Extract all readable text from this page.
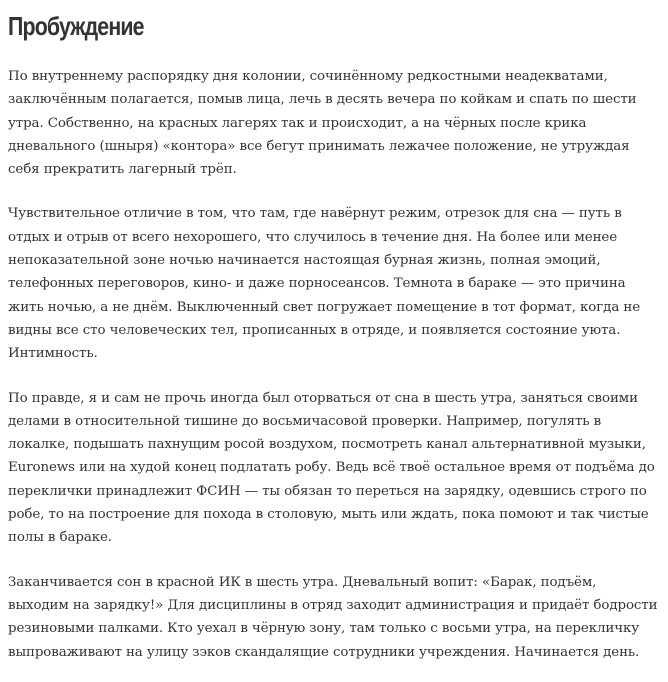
Пробуждение

По внутреннему распорядку дня колонии, сочинённому редкостными неадекватами, заключённым полагается, помыв лица, лечь в десять вечера по койкам и спать по шести утра. Собственно, на красных лагерях так и происходит, а на чёрных после крика дневального (шныря) «контора» все бегут принимать лежачее положение, не утруждая себя прекратить лагерный трёп.

Чувствительное отличие в том, что там, где навёрнут режим, отрезок для сна — путь в отдых и отрыв от всего нехорошего, что случилось в течение дня. На более или менее непоказательной зоне ночью начинается настоящая бурная жизнь, полная эмоций, телефонных переговоров, кино- и даже порносеансов. Темнота в бараке — это причина жить ночью, а не днём. Выключенный свет погружает помещение в тот формат, когда не видны все сто человеческих тел, прописанных в отряде, и появляется состояние уюта. Интимность.

По правде, я и сам не прочь иногда был оторваться от сна в шесть утра, заняться своими делами в относительной тишине до восьмичасовой проверки. Например, погулять в локалке, подышать пахнущим росой воздухом, посмотреть канал альтернативной музыки, Euronews или на худой конец подлатать робу. Ведь всё твоё остальное время от подъёма до переклички принадлежит ФСИН — ты обязан то переться на зарядку, одевшись строго по робе, то на построение для похода в столовую, мыть или ждать, пока помоют и так чистые полы в бараке.

Заканчивается сон в красной ИК в шесть утра. Дневальный вопит: «Барак, подъём, выходим на зарядку!» Для дисциплины в отряд заходит администрация и придаёт бодрости резиновыми палками. Кто уехал в чёрную зону, там только с восьми утра, на перекличку выпроваживают на улицу зэков скандалящие сотрудники учреждения. Начинается день.
